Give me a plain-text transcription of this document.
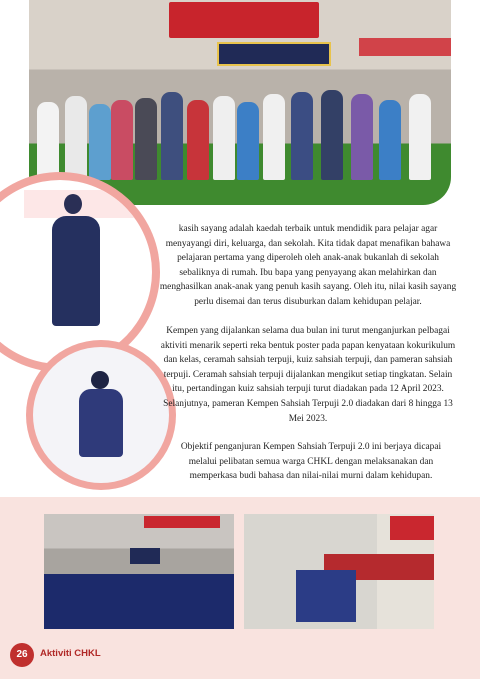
kasih sayang adalah kaedah terbaik untuk mendidik para pelajar agar menyayangi diri, keluarga, dan sekolah. Kita tidak dapat menafikan bahawa pelajaran pertama yang diperoleh oleh anak-anak bukanlah di sekolah sebaliknya di rumah. Ibu bapa yang penyayang akan melahirkan dan menghasilkan anak-anak yang penuh kasih sayang. Oleh itu, nilai kasih sayang perlu disemai dan terus disuburkan dalam kehidupan pelajar.

Kempen yang dijalankan selama dua bulan ini turut menganjurkan pelbagai aktiviti menarik seperti reka bentuk poster pada papan kenyataan kokurikulum dan kelas, ceramah sahsiah terpuji, kuiz sahsiah terpuji, dan pameran sahsiah terpuji. Ceramah sahsiah terpuji dijalankan mengikut setiap tingkatan. Selain itu, pertandingan kuiz sahsiah terpuji turut diadakan pada 12 April 2023. Selanjutnya, pameran Kempen Sahsiah Terpuji 2.0 diadakan dari 8 hingga 13 Mei 2023.

Objektif penganjuran Kempen Sahsiah Terpuji 2.0 ini berjaya dicapai melalui pelibatan semua warga CHKL dengan melaksanakan dan memperkasa budi bahasa dan nilai-nilai murni dalam kehidupan.

26	Aktiviti CHKL
